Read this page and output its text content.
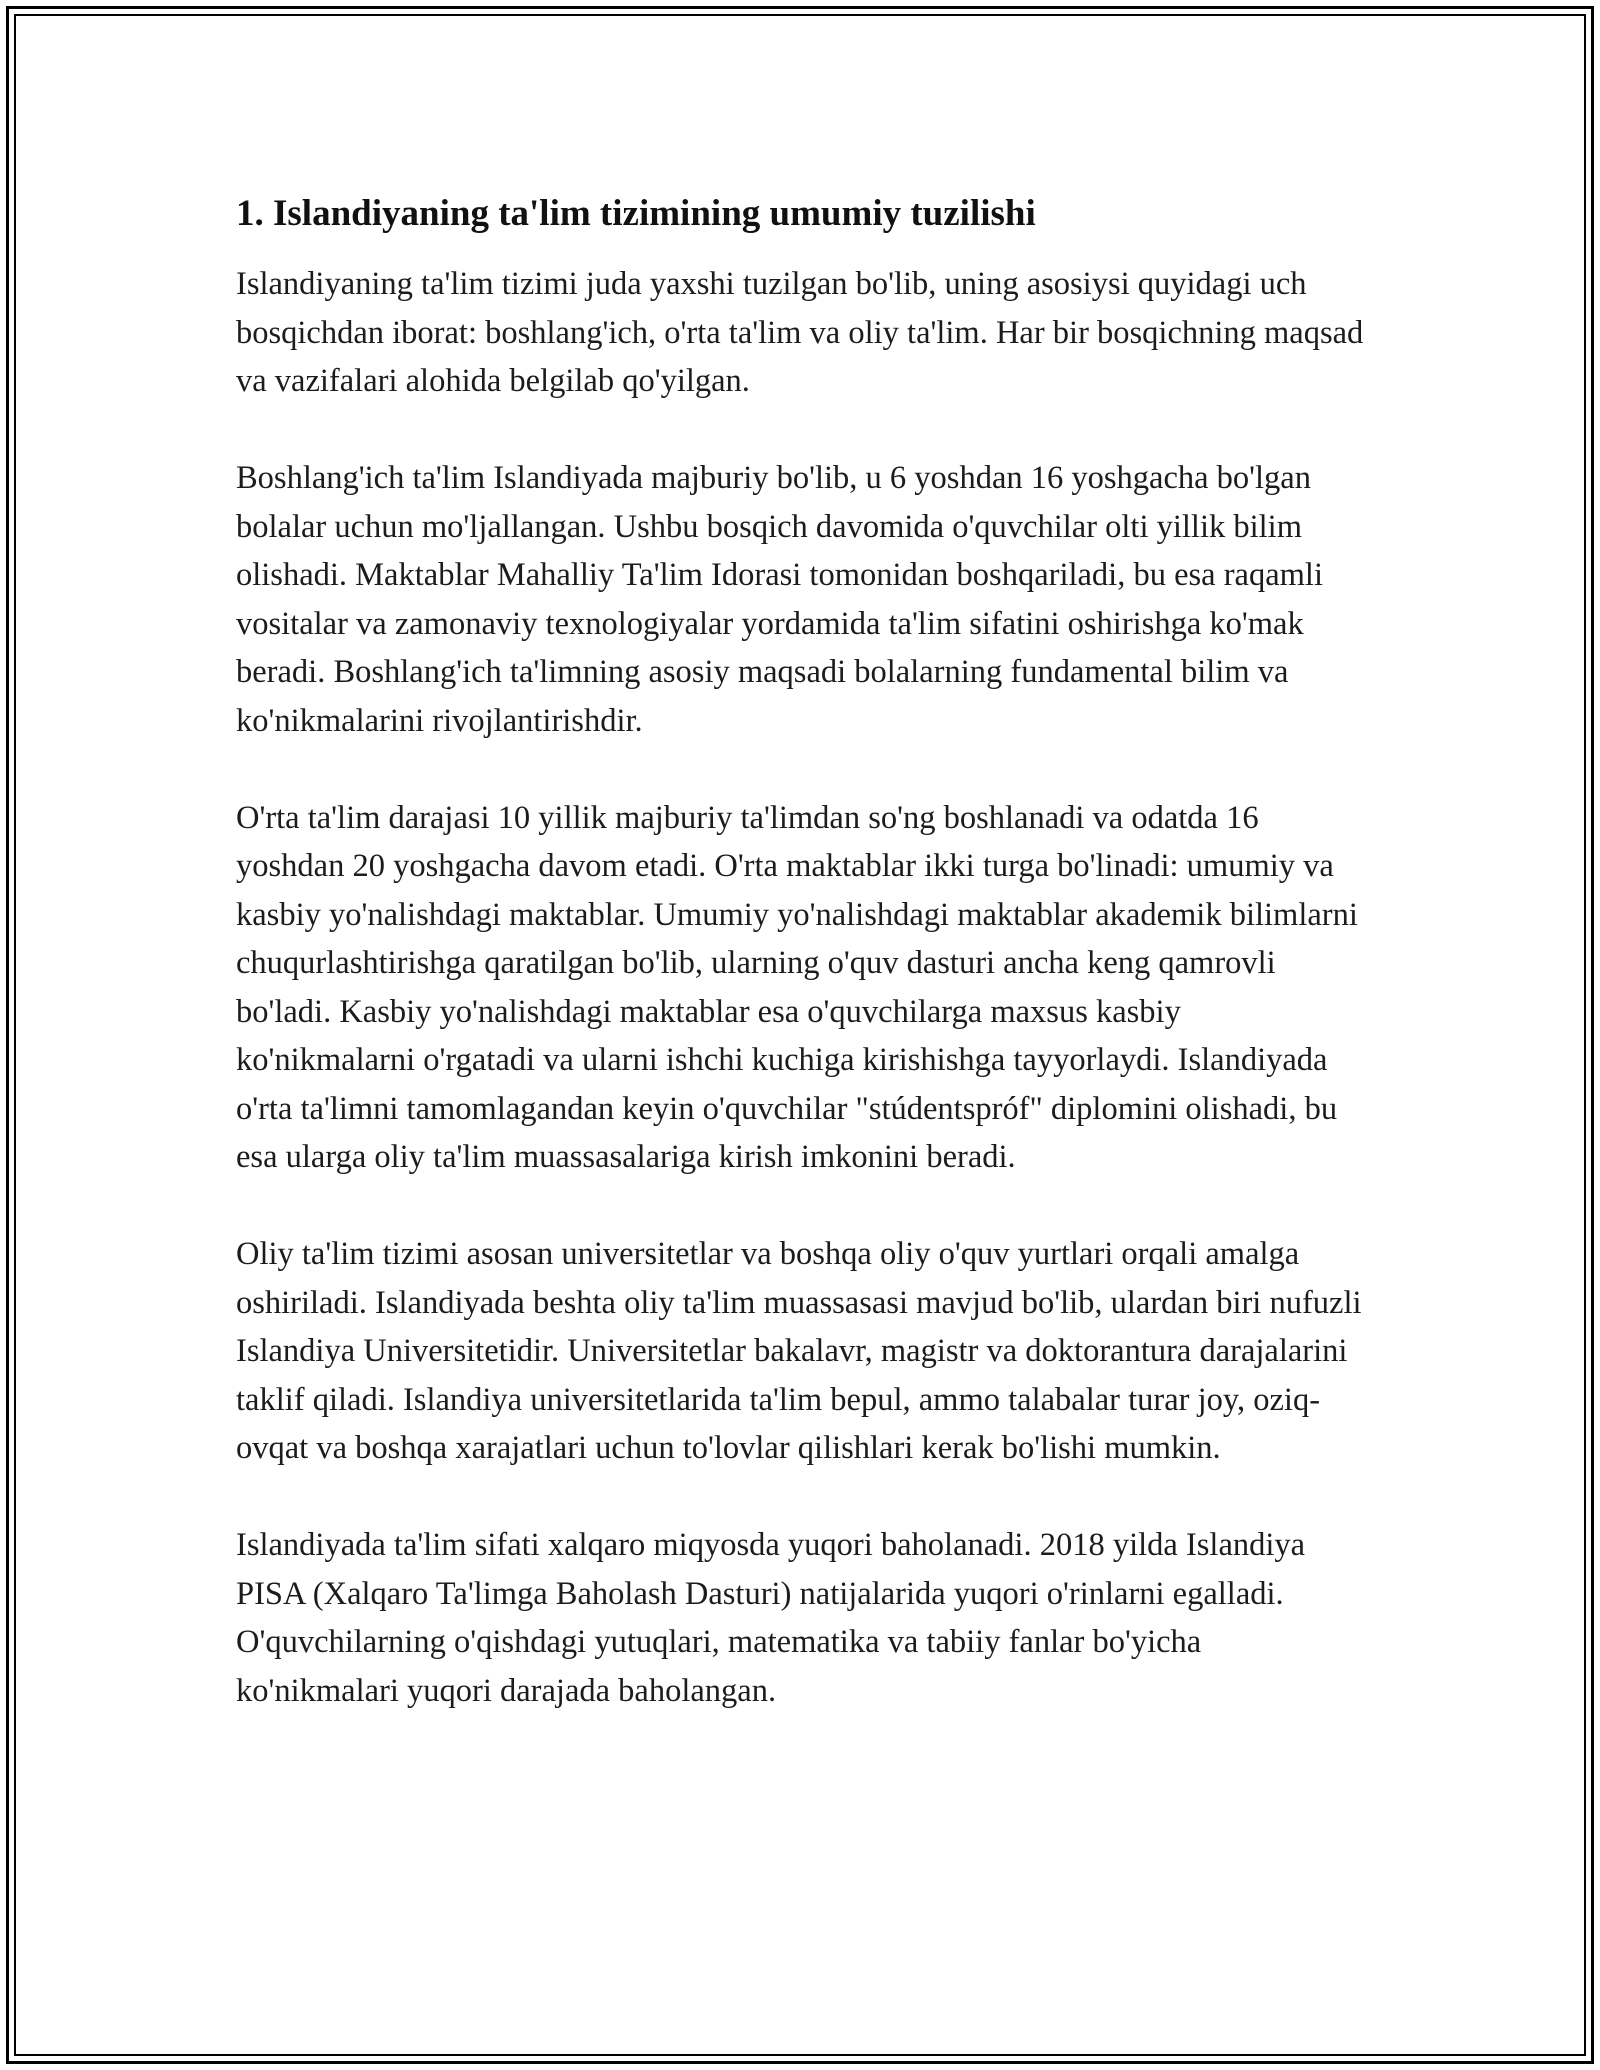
1. Islandiyaning ta'lim tizimining umumiy tuzilishi

Islandiyaning ta'lim tizimi juda yaxshi tuzilgan bo'lib, uning asosiysi quyidagi uch bosqichdan iborat: boshlang'ich, o'rta ta'lim va oliy ta'lim. Har bir bosqichning maqsad va vazifalari alohida belgilab qo'yilgan.

Boshlang'ich ta'lim Islandiyada majburiy bo'lib, u 6 yoshdan 16 yoshgacha bo'lgan bolalar uchun mo'ljallangan. Ushbu bosqich davomida o'quvchilar olti yillik bilim olishadi. Maktablar Mahalliy Ta'lim Idorasi tomonidan boshqariladi, bu esa raqamli vositalar va zamonaviy texnologiyalar yordamida ta'lim sifatini oshirishga ko'mak beradi. Boshlang'ich ta'limning asosiy maqsadi bolalarning fundamental bilim va ko'nikmalarini rivojlantirishdir.

O'rta ta'lim darajasi 10 yillik majburiy ta'limdan so'ng boshlanadi va odatda 16 yoshdan 20 yoshgacha davom etadi. O'rta maktablar ikki turga bo'linadi: umumiy va kasbiy yo'nalishdagi maktablar. Umumiy yo'nalishdagi maktablar akademik bilimlarni chuqurlashtirishga qaratilgan bo'lib, ularning o'quv dasturi ancha keng qamrovli bo'ladi. Kasbiy yo'nalishdagi maktablar esa o'quvchilarga maxsus kasbiy ko'nikmalarni o'rgatadi va ularni ishchi kuchiga kirishishga tayyorlaydi. Islandiyada o'rta ta'limni tamomlagandan keyin o'quvchilar "stúdentspróf" diplomini olishadi, bu esa ularga oliy ta'lim muassasalariga kirish imkonini beradi.

Oliy ta'lim tizimi asosan universitetlar va boshqa oliy o'quv yurtlari orqali amalga oshiriladi. Islandiyada beshta oliy ta'lim muassasasi mavjud bo'lib, ulardan biri nufuzli Islandiya Universitetidir. Universitetlar bakalavr, magistr va doktorantura darajalarini taklif qiladi. Islandiya universitetlarida ta'lim bepul, ammo talabalar turar joy, oziq-ovqat va boshqa xarajatlari uchun to'lovlar qilishlari kerak bo'lishi mumkin.

Islandiyada ta'lim sifati xalqaro miqyosda yuqori baholanadi. 2018 yilda Islandiya PISA (Xalqaro Ta'limga Baholash Dasturi) natijalarida yuqori o'rinlarni egalladi. O'quvchilarning o'qishdagi yutuqlari, matematika va tabiiy fanlar bo'yicha ko'nikmalari yuqori darajada baholangan.
